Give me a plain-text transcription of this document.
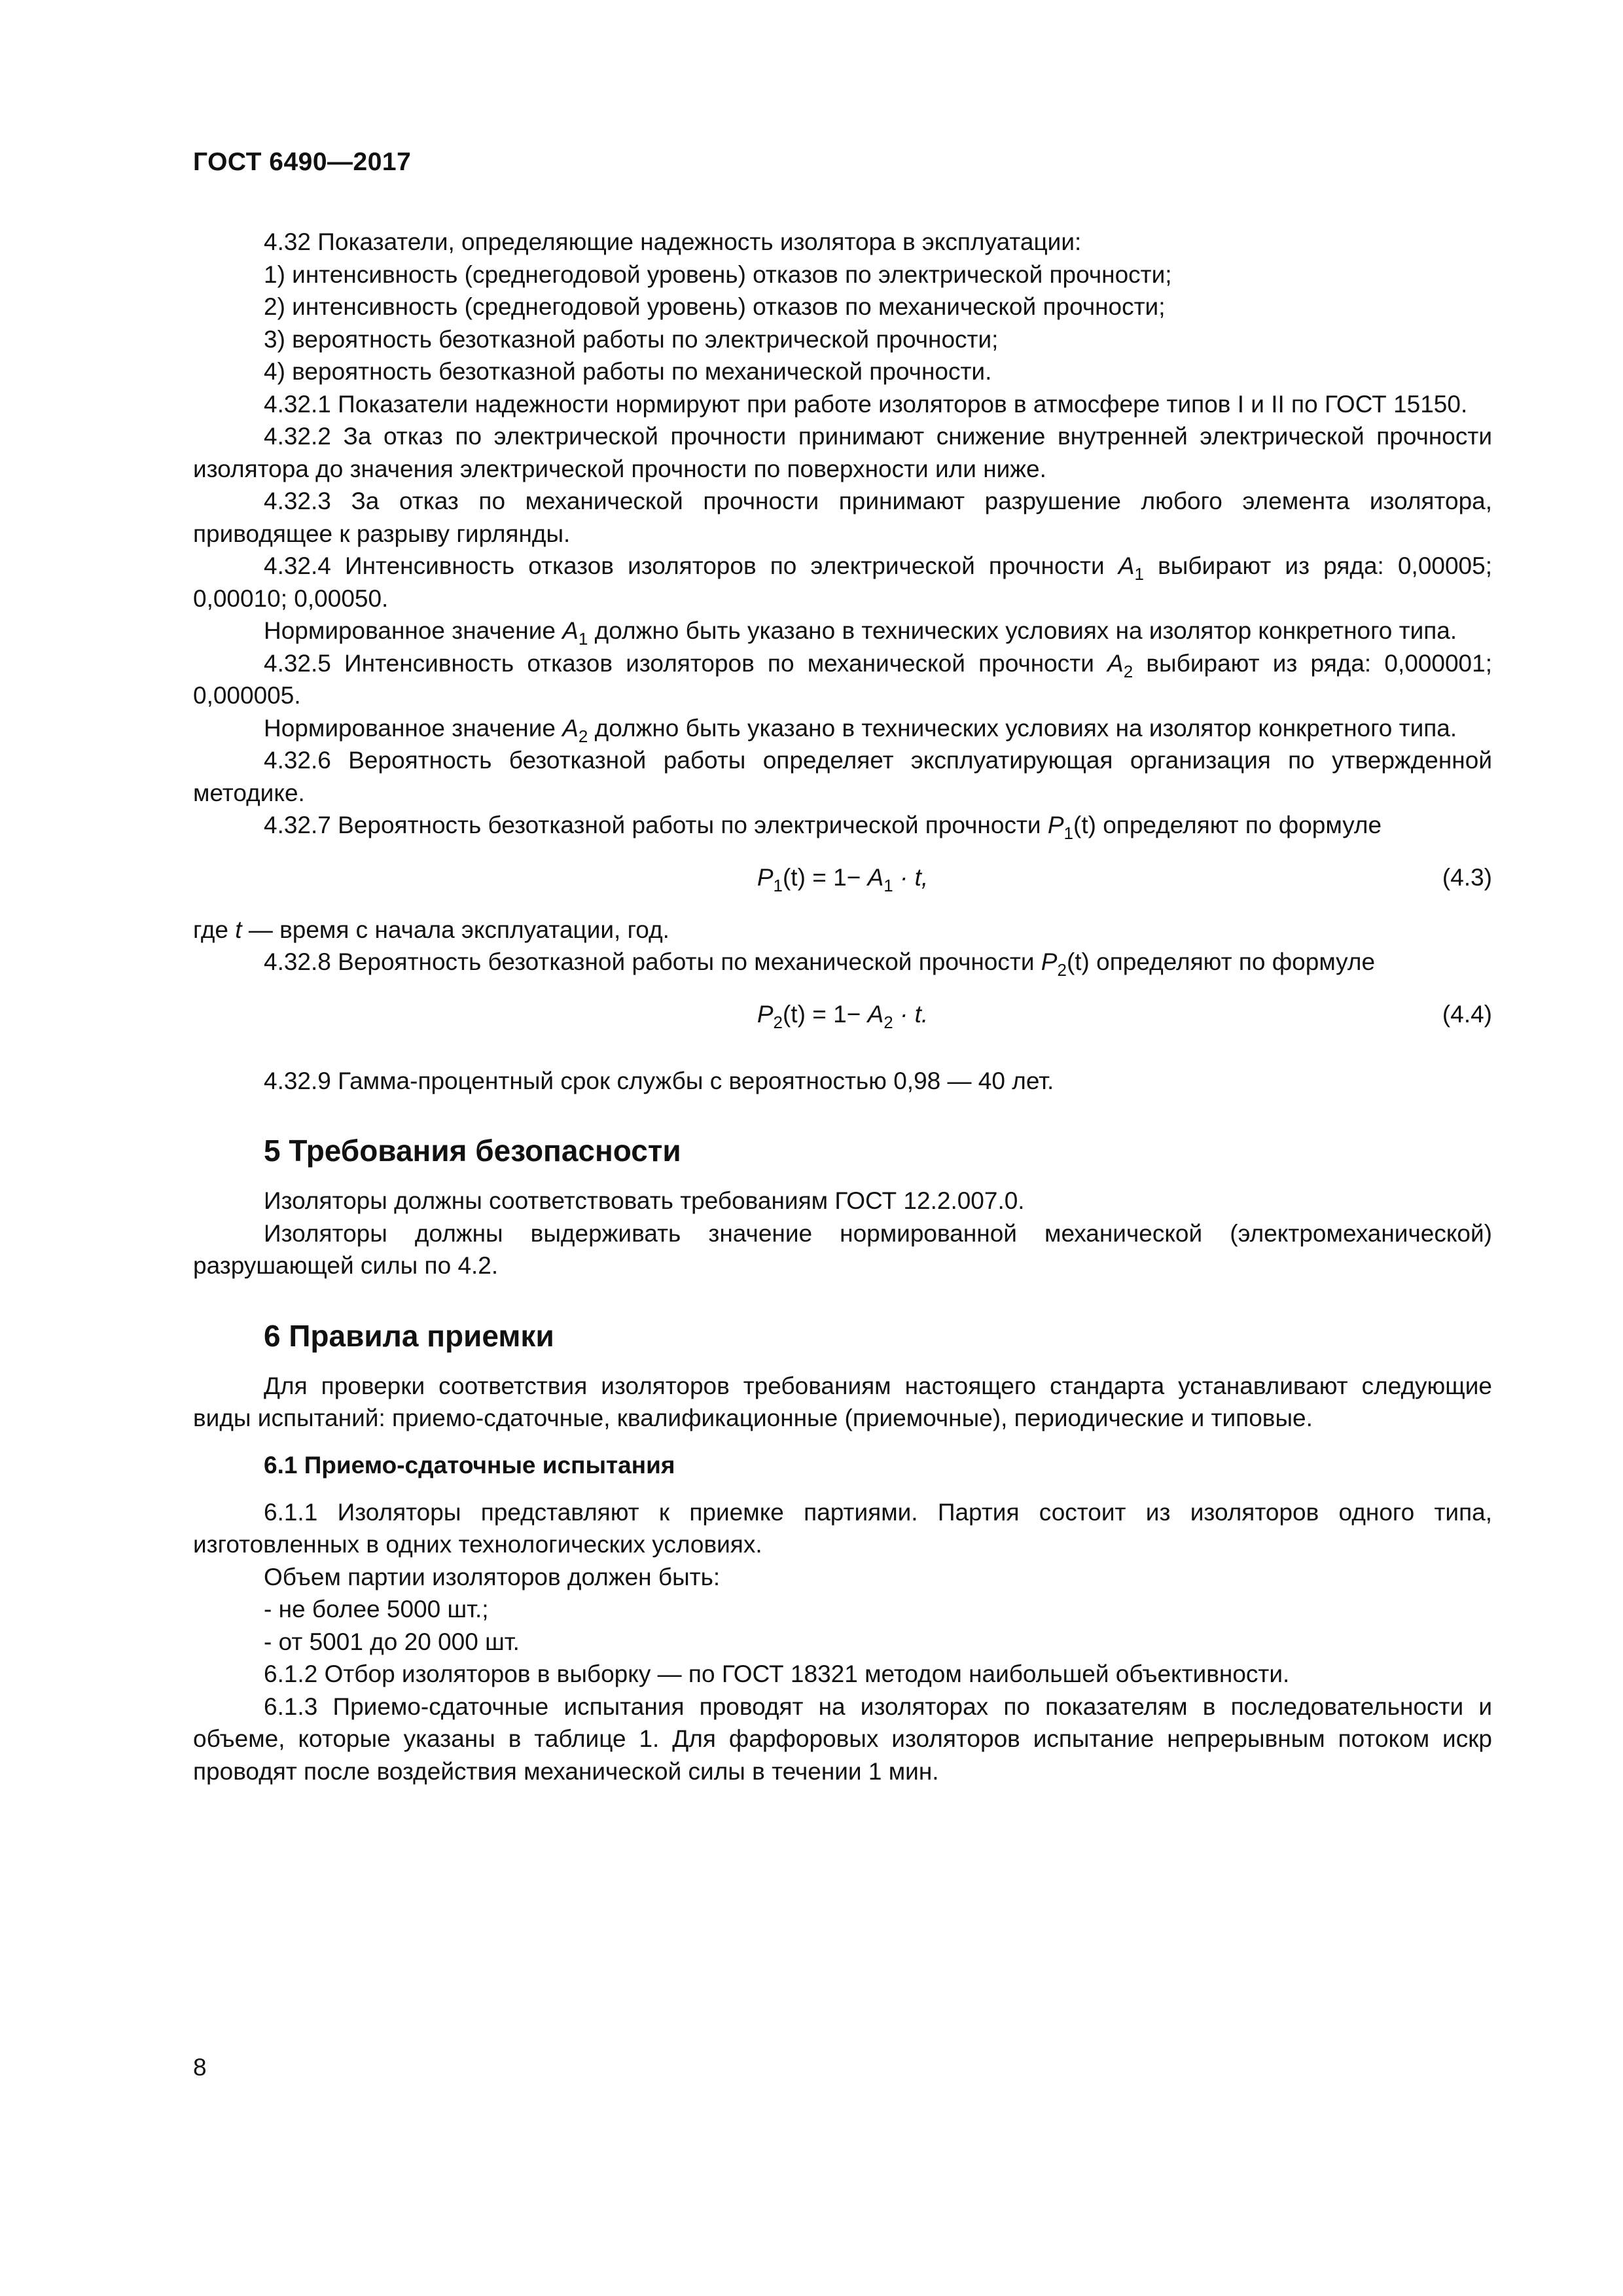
ГОСТ 6490—2017

4.32 Показатели, определяющие надежность изолятора в эксплуатации:

1) интенсивность (среднегодовой уровень) отказов по электрической прочности;

2) интенсивность (среднегодовой уровень) отказов по механической прочности;

3) вероятность безотказной работы по электрической прочности;

4) вероятность безотказной работы по механической прочности.

4.32.1 Показатели надежности нормируют при работе изоляторов в атмосфере типов I и II по ГОСТ 15150.

4.32.2 За отказ по электрической прочности принимают снижение внутренней электрической прочности изолятора до значения электрической прочности по поверхности или ниже.

4.32.3 За отказ по механической прочности принимают разрушение любого элемента изолятора, приводящее к разрыву гирлянды.

4.32.4 Интенсивность отказов изоляторов по электрической прочности $A_1$ выбирают из ряда: 0,00005; 0,00010; 0,00050.

Нормированное значение $A_1$ должно быть указано в технических условиях на изолятор конкретного типа.

4.32.5 Интенсивность отказов изоляторов по механической прочности $A_2$ выбирают из ряда: 0,000001; 0,000005.

Нормированное значение $A_2$ должно быть указано в технических условиях на изолятор конкретного типа.

4.32.6 Вероятность безотказной работы определяет эксплуатирующая организация по утвержденной методике.

4.32.7 Вероятность безотказной работы по электрической прочности $P_1(t)$ определяют по формуле

$P_1(t) = 1- A_1 \cdot t$,	(4.3)

где t — время с начала эксплуатации, год.

4.32.8 Вероятность безотказной работы по механической прочности $P_2(t)$ определяют по формуле

$P_2(t) = 1- A_2 \cdot t$.	(4.4)

4.32.9 Гамма-процентный срок службы с вероятностью 0,98 — 40 лет.

5 Требования безопасности

Изоляторы должны соответствовать требованиям ГОСТ 12.2.007.0.

Изоляторы должны выдерживать значение нормированной механической (электромеханической) разрушающей силы по 4.2.

6 Правила приемки

Для проверки соответствия изоляторов требованиям настоящего стандарта устанавливают следующие виды испытаний: приемо-сдаточные, квалификационные (приемочные), периодические и типовые.

6.1 Приемо-сдаточные испытания

6.1.1 Изоляторы представляют к приемке партиями. Партия состоит из изоляторов одного типа, изготовленных в одних технологических условиях.

Объем партии изоляторов должен быть:

- не более 5000 шт.;

- от 5001 до 20 000 шт.

6.1.2 Отбор изоляторов в выборку — по ГОСТ 18321 методом наибольшей объективности.

6.1.3 Приемо-сдаточные испытания проводят на изоляторах по показателям в последовательности и объеме, которые указаны в таблице 1. Для фарфоровых изоляторов испытание непрерывным потоком искр проводят после воздействия механической силы в течении 1 мин.

8
